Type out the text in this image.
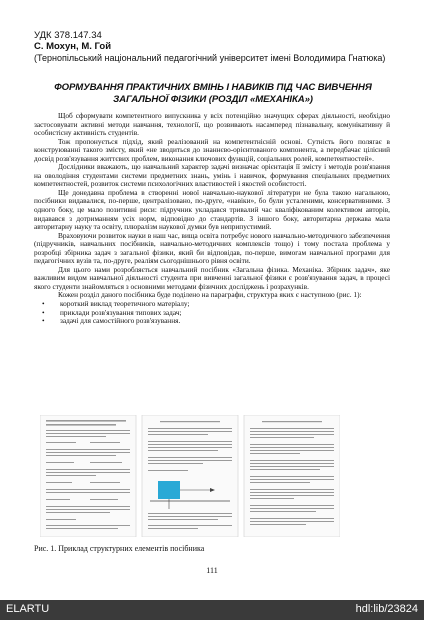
УДК 378.147.34
С. Мохун, М. Гой
(Тернопільський національний педагогічний університет імені Володимира Гнатюка)
ФОРМУВАННЯ ПРАКТИЧНИХ ВМІНЬ І НАВИКІВ ПІД ЧАС ВИВЧЕННЯ ЗАГАЛЬНОЇ ФІЗИКИ (РОЗДІЛ «МЕХАНІКА»)

Щоб сформувати компетентного випускника у всіх потенційно значущих сферах діяльності, необхідно застосовувати активні методи навчання, технології, що розвивають насамперед пізнавальну, комунікативну й особистісну активність студентів.

Тож пропонується підхід, який реалізований на компетентнісній основі. Сутність його полягає в конструюванні такого змісту, який «не зводиться до знаннєво-орієнтованого компонента, а передбачає цілісний досвід розв'язування життєвих проблем, виконання ключових функцій, соціальних ролей, компетентностей».

Дослідники вважають, що навчальний характер задачі визначає орієнтація її змісту і методів розв'язання на оволодіння студентами системи предметних знань, умінь і навичок, формування спеціальних предметних компетентностей, розвиток системи психологічних властивостей і якостей особистості.

Ще донедавна проблема в створенні нової навчально-наукової літератури не була такою нагальною, посібники видавалися, по-перше, централізовано, по-друге, «навіки», бо були усталеними, консервативними. З одного боку, це мало позитивні риси: підручник укладався тривалий час кваліфікованим колективом авторів, видавався з дотриманням усіх норм, відповідно до стандартів. З іншого боку, авторитарна держава мала авторитарну науку та освіту, плюралізм наукової думки був неприпустимий.

Враховуючи розвиток науки в наш час, вища освіта потребує нового навчально-методичного забезпечення (підручників, навчальних посібників, навчально-методичних комплексів тощо) і тому постала проблема у розробці збірника задач з загальної фізики, який би відповідав, по-перше, вимогам навчальної програми для педагогічних вузів та, по-друге, реаліям сьогоднішнього рівня освіти.

Для цього нами розробляється навчальний посібник «Загальна фізика. Механіка. Збірник задач», яке важливим видом навчальної діяльності студента при вивченні загальної фізики є розв'язування задач, в процесі якого студенти знайомляться з основними методами фізичних досліджень і розрахунків.

Кожен розділ даного посібника буде поділено на параграфи, структура яких є наступною (рис. 1):

• короткий виклад теоретичного матеріалу;
• приклади розв'язування типових задач;
• задачі для самостійного розв'язування.
Рис. 1. Приклад структурних елементів посібника
111
ELARTU	hdl:lib/23824
